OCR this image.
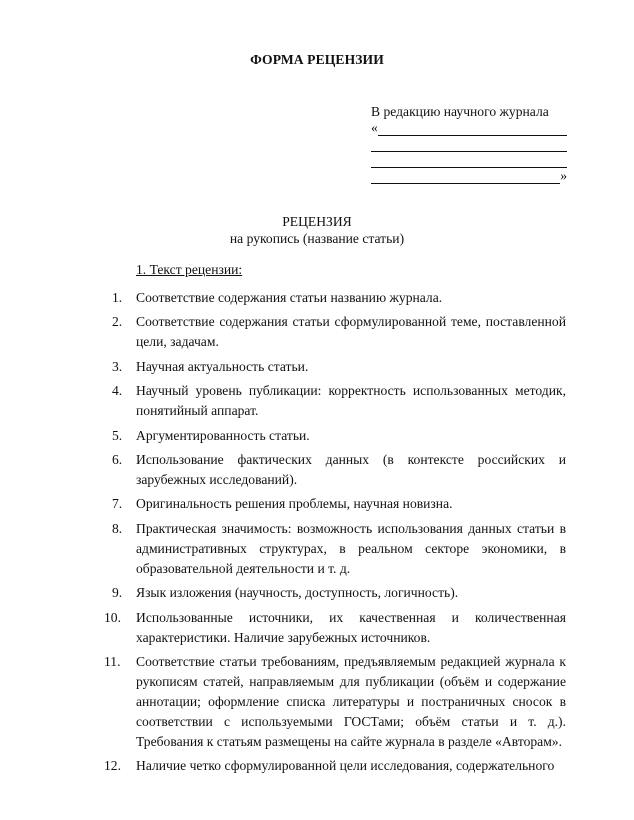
ФОРМА РЕЦЕНЗИИ
В редакцию научного журнала
«
»
РЕЦЕНЗИЯ
на рукопись (название статьи)
1. Текст рецензии:
1.	Соответствие содержания статьи названию журнала.
2.	Соответствие содержания статьи сформулированной теме, поставленной цели, задачам.
3.	Научная актуальность статьи.
4.	Научный уровень публикации: корректность использованных методик, понятийный аппарат.
5.	Аргументированность статьи.
6.	Использование фактических данных (в контексте российских и зарубежных исследований).
7.	Оригинальность решения проблемы, научная новизна.
8.	Практическая значимость: возможность использования данных статьи в административных структурах, в реальном секторе экономики, в образовательной деятельности и т. д.
9.	Язык изложения (научность, доступность, логичность).
10.	Использованные источники, их качественная и количественная характеристики. Наличие зарубежных источников.
11.	Соответствие статьи требованиям, предъявляемым редакцией журнала к рукописям статей, направляемым для публикации (объём и содержание аннотации; оформление списка литературы и постраничных сносок в соответствии с используемыми ГОСТами; объём статьи и т. д.). Требования к статьям размещены на сайте журнала в разделе «Авторам».
12.	Наличие четко сформулированной цели исследования, содержательного
